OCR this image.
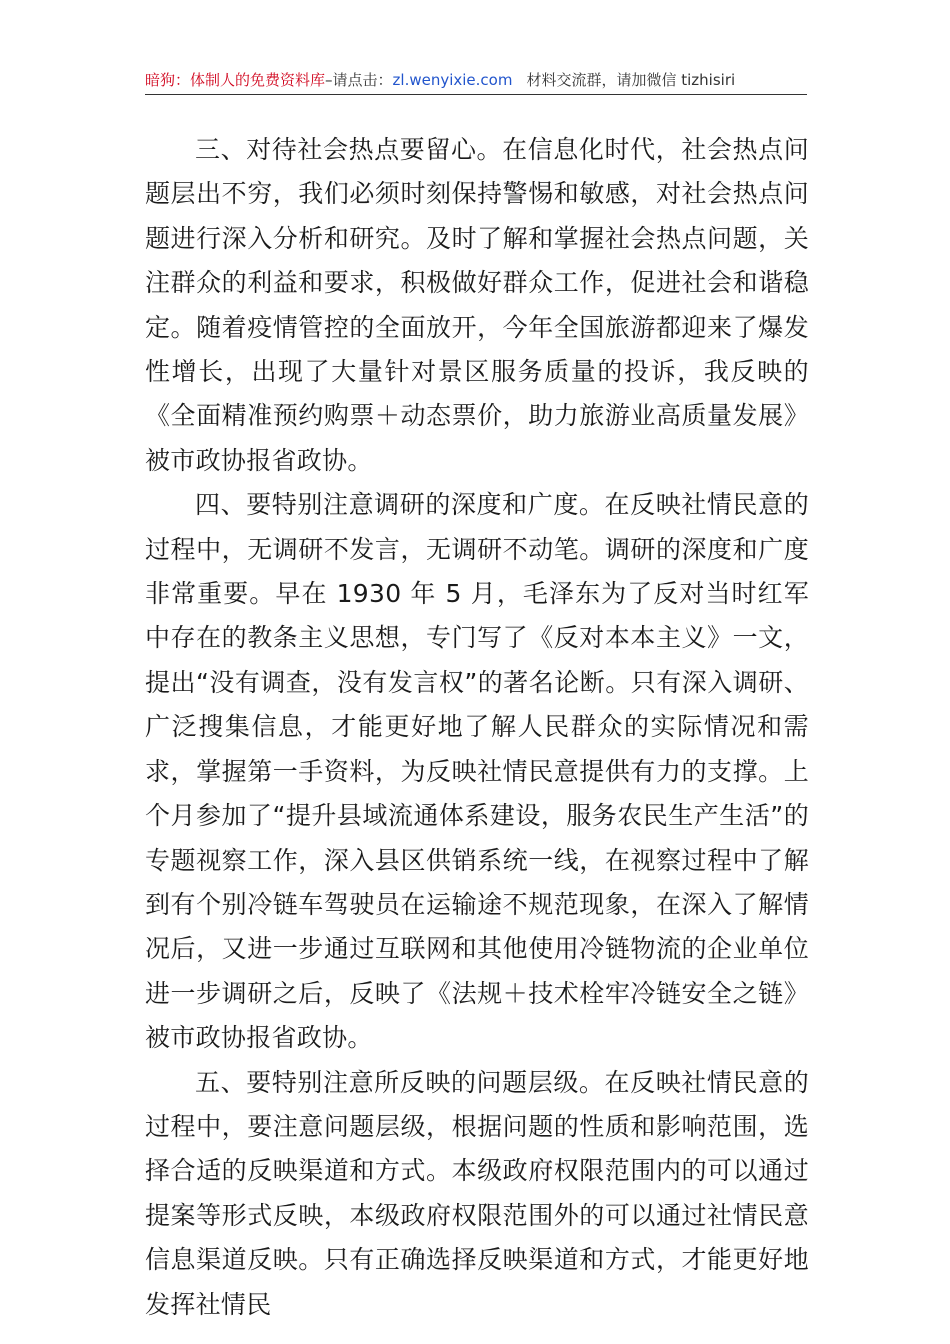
暗狗：体制人的免费资料库–请点击：zl.wenyixie.com 材料交流群，请加微信 tizhisiri

三、对待社会热点要留心。在信息化时代，社会热点问题层出不穷，我们必须时刻保持警惕和敏感，对社会热点问题进行深入分析和研究。及时了解和掌握社会热点问题，关注群众的利益和要求，积极做好群众工作，促进社会和谐稳定。随着疫情管控的全面放开，今年全国旅游都迎来了爆发性增长，出现了大量针对景区服务质量的投诉，我反映的《全面精准预约购票＋动态票价，助力旅游业高质量发展》被市政协报省政协。

四、要特别注意调研的深度和广度。在反映社情民意的过程中，无调研不发言，无调研不动笔。调研的深度和广度非常重要。早在 1930 年 5 月，毛泽东为了反对当时红军中存在的教条主义思想，专门写了《反对本本主义》一文，提出“没有调查，没有发言权”的著名论断。只有深入调研、广泛搜集信息，才能更好地了解人民群众的实际情况和需求，掌握第一手资料，为反映社情民意提供有力的支撑。上个月参加了“提升县域流通体系建设，服务农民生产生活”的专题视察工作，深入县区供销系统一线，在视察过程中了解到有个别冷链车驾驶员在运输途不规范现象，在深入了解情况后，又进一步通过互联网和其他使用冷链物流的企业单位进一步调研之后，反映了《法规＋技术栓牢冷链安全之链》被市政协报省政协。

五、要特别注意所反映的问题层级。在反映社情民意的过程中，要注意问题层级，根据问题的性质和影响范围，选择合适的反映渠道和方式。本级政府权限范围内的可以通过提案等形式反映，本级政府权限范围外的可以通过社情民意信息渠道反映。只有正确选择反映渠道和方式，才能更好地发挥社情民
